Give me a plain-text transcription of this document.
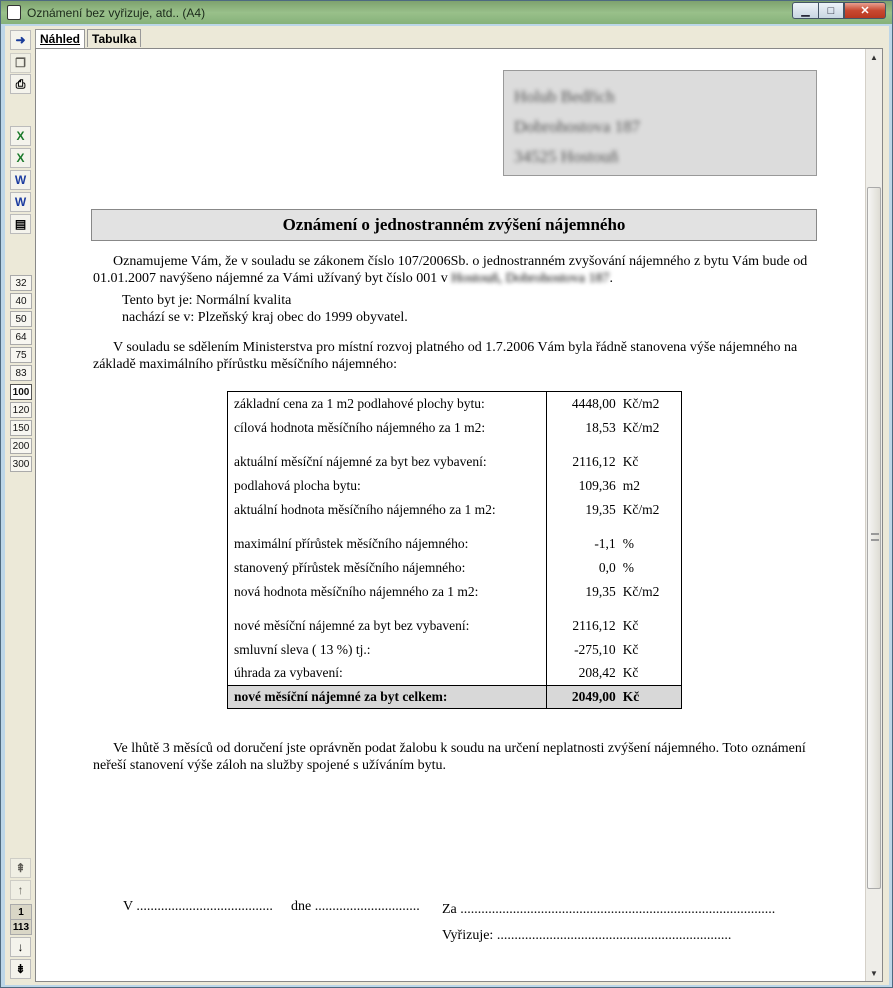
Oznámení bez vyřizuje, atd.. (A4)	▁	□	✕
➜
❐
⎙
X
X
W
W
▤
32
40
50
64
75
83
100
120
150
200
300
⇞
↑
1
113
↓
⇟
Náhled	Tabulka
Holub Bedřich
Dobrohostova 187
34525 Hostouň
Oznámení o jednostranném zvýšení nájemného
Oznamujeme Vám, že v souladu se zákonem číslo 107/2006Sb. o jednostranném zvyšování nájemného z bytu Vám bude od 01.01.2007 navýšeno nájemné za Vámi užívaný byt číslo 001 v Hostouň, Dobrohostova 187.
Tento byt je: Normální kvalita
nachází se v: Plzeňský kraj obec do 1999 obyvatel.
V souladu se sdělením Ministerstva pro místní rozvoj platného od 1.7.2006 Vám byla řádně stanovena výše nájemného na základě maximálního přírůstku měsíčního nájemného:
základní cena za 1 m2 podlahové plochy bytu:	4448,00	Kč/m2
cílová hodnota měsíčního nájemného za 1 m2:	18,53	Kč/m2

aktuální měsíční nájemné za byt bez vybavení:	2116,12	Kč
podlahová plocha bytu:	109,36	m2
aktuální hodnota měsíčního nájemného za 1 m2:	19,35	Kč/m2

maximální přírůstek měsíčního nájemného:	-1,1	%
stanovený přírůstek měsíčního nájemného:	0,0	%
nová hodnota měsíčního nájemného za 1 m2:	19,35	Kč/m2

nové měsíční nájemné za byt bez vybavení:	2116,12	Kč
smluvní sleva ( 13 %) tj.:	-275,10	Kč
úhrada za vybavení:	208,42	Kč
nové měsíční nájemné za byt celkem:	2049,00	Kč
Ve lhůtě 3 měsíců od doručení jste oprávněn podat žalobu k soudu na určení neplatnosti zvýšení nájemného. Toto oznámení neřeší stanovení výše záloh na služby spojené s užíváním bytu.
V ....................................... dne .............................. Za ..........................................................................................
Vyřizuje: ...................................................................
▲
▼
